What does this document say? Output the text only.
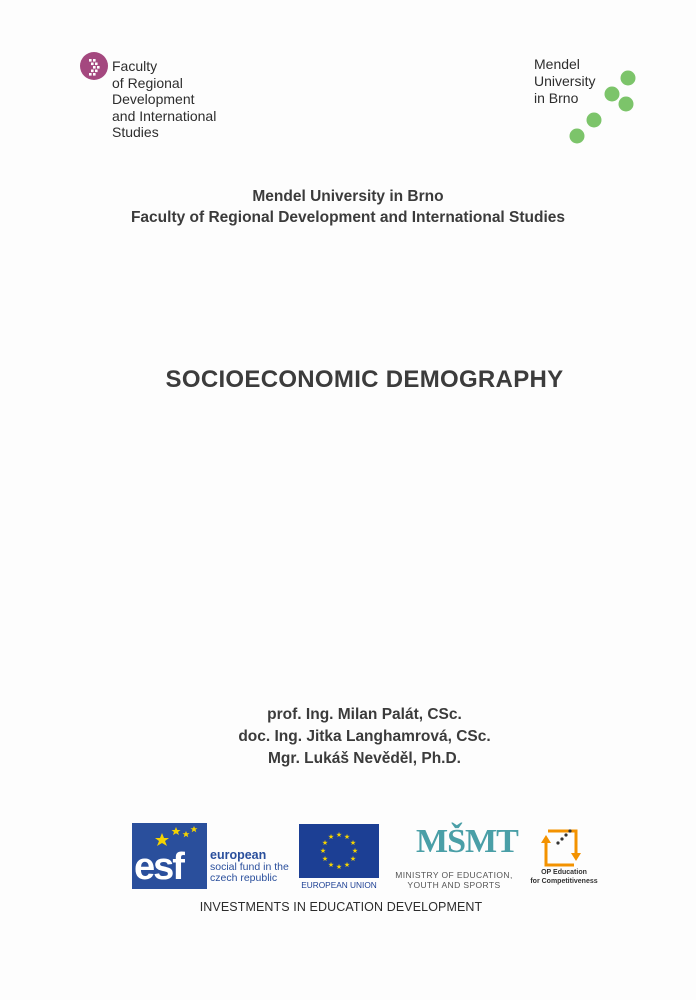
Faculty
of Regional
Development
and International
Studies
Mendel
University
in Brno
Mendel University in Brno
Faculty of Regional Development and International Studies
SOCIOECONOMIC DEMOGRAPHY
prof. Ing. Milan Palát, CSc.
doc. Ing. Jitka Langhamrová, CSc.
Mgr. Lukáš Nevěděl, Ph.D.
esf european
social fund in the
czech republic
★ ★
★
★
★
★
★
★
★
★
★
★
EUROPEAN UNION
MŠMT
MINISTRY OF EDUCATION,
YOUTH AND SPORTS
OP Education
for Competitiveness
INVESTMENTS IN EDUCATION DEVELOPMENT
